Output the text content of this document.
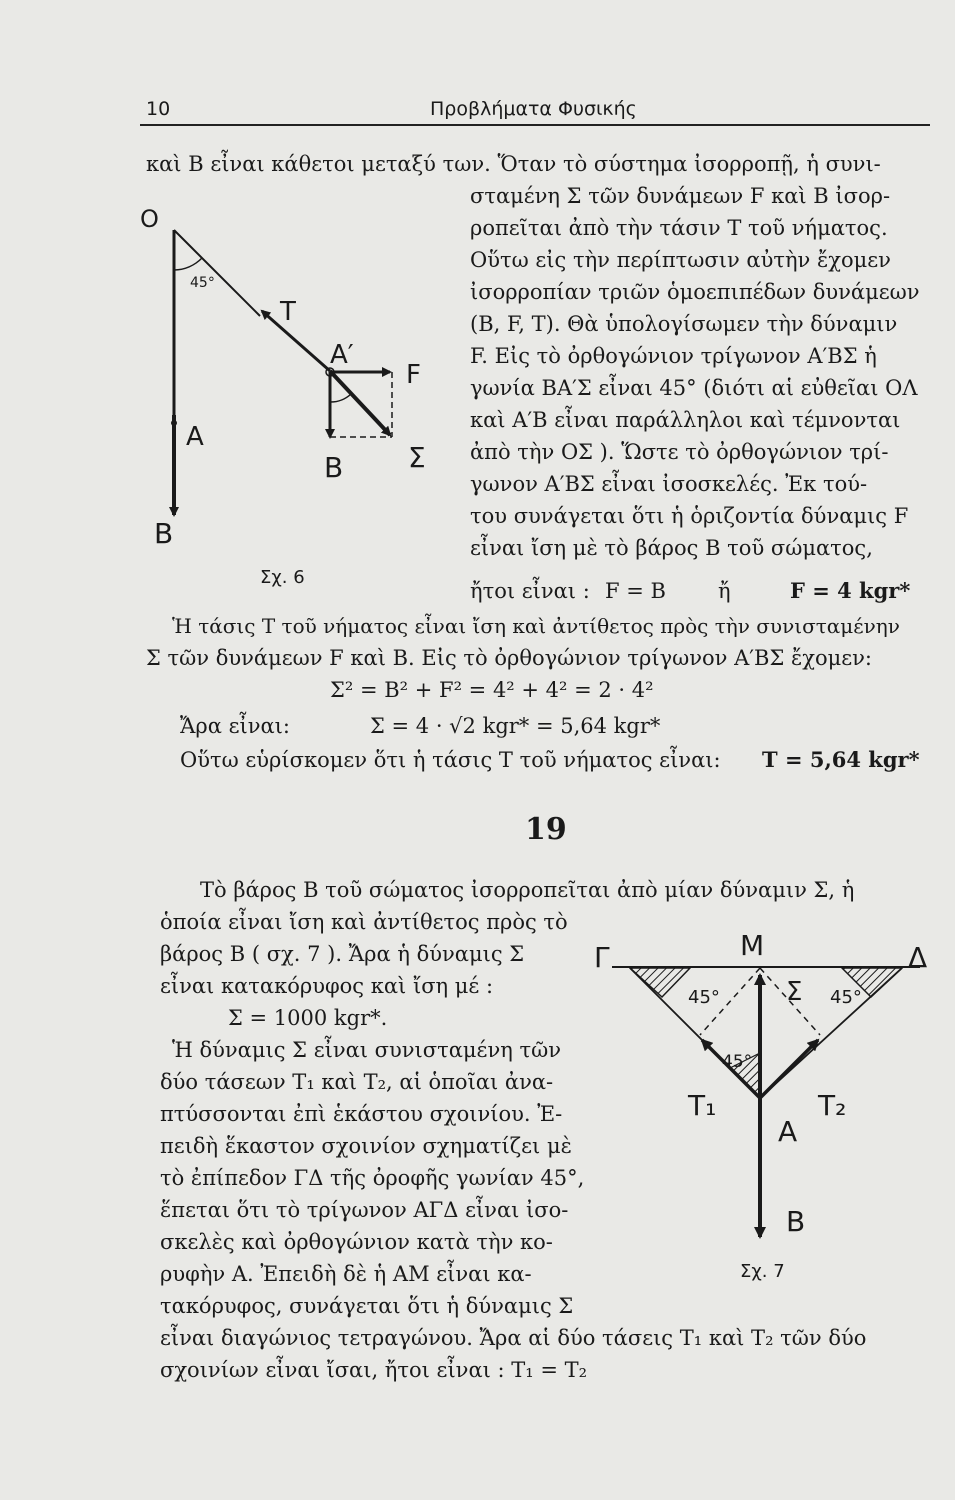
10	Προβλήματα Φυσικής
καὶ Β εἶναι κάθετοι μεταξύ των. Ὅταν τὸ σύστημα ἰσορροπῇ, ἡ συνι-
σταμένη Σ τῶν δυνάμεων F καὶ Β ἰσορ-
ροπεῖται ἀπὸ τὴν τάσιν Τ τοῦ νήματος.
Οὕτω εἰς τὴν περίπτωσιν αὐτὴν ἔχομεν
ἰσορροπίαν τριῶν ὁμοεπιπέδων δυνάμεων
(Β, F, Τ). Θὰ ὑπολογίσωμεν τὴν δύναμιν
F. Εἰς τὸ ὀρθογώνιον τρίγωνον Α′ΒΣ ἡ
γωνία ΒΑ′Σ εἶναι 45° (διότι αἱ εὐθεῖαι ΟΛ
καὶ Α′Β εἶναι παράλληλοι καὶ τέμνονται
ἀπὸ τὴν ΟΣ ). Ὥστε τὸ ὀρθογώνιον τρί-
γωνον Α′ΒΣ εἶναι ἰσοσκελές. Ἐκ τού-
του συνάγεται ὅτι ἡ ὁριζοντία δύναμις F
εἶναι ἴση μὲ τὸ βάρος Β τοῦ σώματος,
ἤτοι εἶναι : F = B ἤ	F = 4 kgr*
Ἡ τάσις Τ τοῦ νήματος εἶναι ἴση καὶ ἀντίθετος πρὸς τὴν συνισταμένην
Σ τῶν δυνάμεων F καὶ Β. Εἰς τὸ ὀρθογώνιον τρίγωνον Α′ΒΣ ἔχομεν:
Σ² = Β² + F² = 4² + 4² = 2 · 4²
Ἄρα εἶναι:	Σ = 4 · √2 kgr* = 5,64 kgr*
Οὕτω εὑρίσκομεν ὅτι ἡ τάσις Τ τοῦ νήματος εἶναι: Τ = 5,64 kgr*
O
45°
T
A′
F
A
B Σ
B
Σχ. 6
19
Τὸ βάρος Β τοῦ σώματος ἰσορροπεῖται ἀπὸ μίαν δύναμιν Σ, ἡ
ὁποία εἶναι ἴση καὶ ἀντίθετος πρὸς τὸ
βάρος Β ( σχ. 7 ). Ἄρα ἡ δύναμις Σ
εἶναι κατακόρυφος καὶ ἴση μέ :
Σ = 1000 kgr*.
Ἡ δύναμις Σ εἶναι συνισταμένη τῶν
δύο τάσεων Τ₁ καὶ Τ₂, αἱ ὁποῖαι ἀνα-
πτύσσονται ἐπὶ ἑκάστου σχοινίου. Ἐ-
πειδὴ ἕκαστον σχοινίον σχηματίζει μὲ
τὸ ἐπίπεδον ΓΔ τῆς ὀροφῆς γωνίαν 45°,
ἕπεται ὅτι τὸ τρίγωνον ΑΓΔ εἶναι ἰσο-
σκελὲς καὶ ὀρθογώνιον κατὰ τὴν κο-
ρυφὴν Α. Ἐπειδὴ δὲ ἡ ΑΜ εἶναι κα-
τακόρυφος, συνάγεται ὅτι ἡ δύναμις Σ
εἶναι διαγώνιος τετραγώνου. Ἄρα αἱ δύο τάσεις Τ₁ καὶ Τ₂ τῶν δύο
σχοινίων εἶναι ἴσαι, ἤτοι εἶναι : Τ₁ = Τ₂
Γ	M	Δ
45°	Σ 45°
45°
T₁	T₂
A
B
Σχ. 7
